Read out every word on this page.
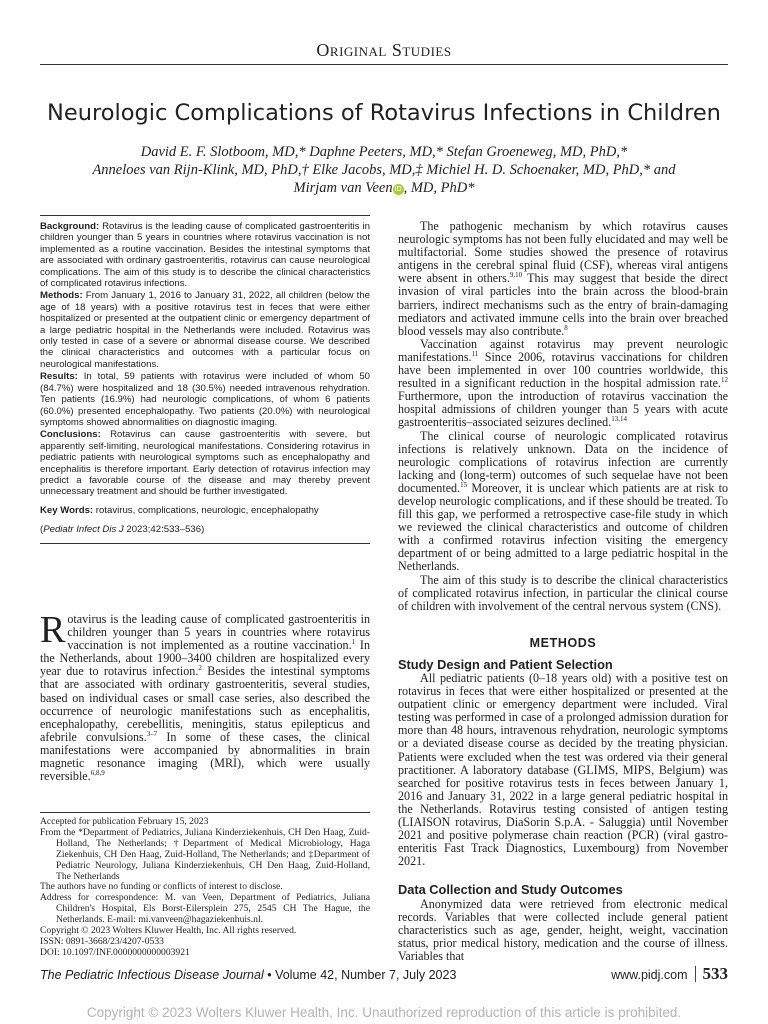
Original Studies
Neurologic Complications of Rotavirus Infections in Children
David E. F. Slotboom, MD,* Daphne Peeters, MD,* Stefan Groeneweg, MD, PhD,*
Anneloes van Rijn-Klink, MD, PhD,† Elke Jacobs, MD,‡ Michiel H. D. Schoenaker, MD, PhD,* and
Mirjam van Veen iD , MD, PhD*

Background: Rotavirus is the leading cause of complicated gastroenteritis in children younger than 5 years in countries where rotavirus vaccination is not implemented as a routine vaccination. Besides the intestinal symptoms that are associated with ordinary gastroenteritis, rotavirus can cause neurological complications. The aim of this study is to describe the clinical characteristics of complicated rotavirus infections.

Methods: From January 1, 2016 to January 31, 2022, all children (below the age of 18 years) with a positive rotavirus test in feces that were either hospitalized or presented at the outpatient clinic or emergency department of a large pediatric hospital in the Netherlands were included. Rotavirus was only tested in case of a severe or abnormal disease course. We described the clinical characteristics and outcomes with a particular focus on neurological manifestations.

Results: In total, 59 patients with rotavirus were included of whom 50 (84.7%) were hospitalized and 18 (30.5%) needed intravenous rehydration. Ten patients (16.9%) had neurologic complications, of whom 6 patients (60.0%) presented encephalopathy. Two patients (20.0%) with neurological symptoms showed abnormalities on diagnostic imaging.

Conclusions: Rotavirus can cause gastroenteritis with severe, but apparently self-limiting, neurological manifestations. Considering rotavirus in pediatric patients with neurological symptoms such as encephalopathy and encephalitis is therefore important. Early detection of rotavirus infection may predict a favorable course of the disease and may thereby prevent unnecessary treatment and should be further investigated.

Key Words: rotavirus, complications, neurologic, encephalopathy

(Pediatr Infect Dis J 2023;42:533–536)

Rotavirus is the leading cause of complicated gastroenteritis in children younger than 5 years in countries where rotavirus vaccination is not implemented as a routine vaccination.$^1$ In the Netherlands, about 1900–3400 children are hospitalized every year due to rotavirus infection.$^2$ Besides the intestinal symptoms that are associated with ordinary gastroenteritis, several studies, based on individual cases or small case series, also described the occurrence of neurologic manifestations such as encephalitis, encephalopathy, cerebellitis, meningitis, status epilepticus and afebrile convulsions.$^{3-7}$ In some of these cases, the clinical manifestations were accompanied by abnormalities in brain magnetic resonance imaging (MRI), which were usually reversible.$^{6,8,9}$
Accepted for publication February 15, 2023
From the *Department of Pediatrics, Juliana Kinderziekenhuis, CH Den Haag, Zuid-Holland, The Netherlands; †Department of Medical Microbiology, Haga Ziekenhuis, CH Den Haag, Zuid-Holland, The Netherlands; and ‡Department of Pediatric Neurology, Juliana Kinderziekenhuis, CH Den Haag, Zuid-Holland, The Netherlands
The authors have no funding or conflicts of interest to disclose.
Address for correspondence: M. van Veen, Department of Pediatrics, Juliana Children's Hospital, Els Borst-Eilersplein 275, 2545 CH The Hague, the Netherlands. E-mail: mi.vanveen@hagaziekenhuis.nl.
Copyright © 2023 Wolters Kluwer Health, Inc. All rights reserved.
ISSN: 0891-3668/23/4207-0533
DOI: 10.1097/INF.0000000000003921

The pathogenic mechanism by which rotavirus causes neurologic symptoms has not been fully elucidated and may well be multifactorial. Some studies showed the presence of rotavirus antigens in the cerebral spinal fluid (CSF), whereas viral antigens were absent in others.$^{9,10}$ This may suggest that beside the direct invasion of viral particles into the brain across the blood-brain barriers, indirect mechanisms such as the entry of brain-damaging mediators and activated immune cells into the brain over breached blood vessels may also contribute.$^8$

Vaccination against rotavirus may prevent neurologic manifestations.$^{11}$ Since 2006, rotavirus vaccinations for children have been implemented in over 100 countries worldwide, this resulted in a significant reduction in the hospital admission rate.$^{12}$ Furthermore, upon the introduction of rotavirus vaccination the hospital admissions of children younger than 5 years with acute gastroenteritis–associated seizures declined.$^{13,14}$

The clinical course of neurologic complicated rotavirus infections is relatively unknown. Data on the incidence of neurologic complications of rotavirus infection are currently lacking and (long-term) outcomes of such sequelae have not been documented.$^{15}$ Moreover, it is unclear which patients are at risk to develop neurologic complications, and if these should be treated. To fill this gap, we performed a retrospective case-file study in which we reviewed the clinical characteristics and outcome of children with a confirmed rotavirus infection visiting the emergency department of or being admitted to a large pediatric hospital in the Netherlands.

The aim of this study is to describe the clinical characteristics of complicated rotavirus infection, in particular the clinical course of children with involvement of the central nervous system (CNS).

METHODS
Study Design and Patient Selection
All pediatric patients (0–18 years old) with a positive test on rotavirus in feces that were either hospitalized or presented at the outpatient clinic or emergency department were included. Viral testing was performed in case of a prolonged admission duration for more than 48 hours, intravenous rehydration, neurologic symptoms or a deviated disease course as decided by the treating physician. Patients were excluded when the test was ordered via their general practitioner. A laboratory database (GLIMS, MIPS, Belgium) was searched for positive rotavirus tests in feces between January 1, 2016 and January 31, 2022 in a large general pediatric hospital in the Netherlands. Rotavirus testing consisted of antigen testing (LIAISON rotavirus, DiaSorin S.p.A. - Saluggia) until November 2021 and positive polymerase chain reaction (PCR) (viral gastro-enteritis Fast Track Diagnostics, Luxembourg) from November 2021.
Data Collection and Study Outcomes
Anonymized data were retrieved from electronic medical records. Variables that were collected include general patient characteristics such as age, gender, height, weight, vaccination status, prior medical history, medication and the course of illness. Variables that
The Pediatric Infectious Disease Journal • Volume 42, Number 7, July 2023	www.pidj.com 533
Copyright © 2023 Wolters Kluwer Health, Inc. Unauthorized reproduction of this article is prohibited.
